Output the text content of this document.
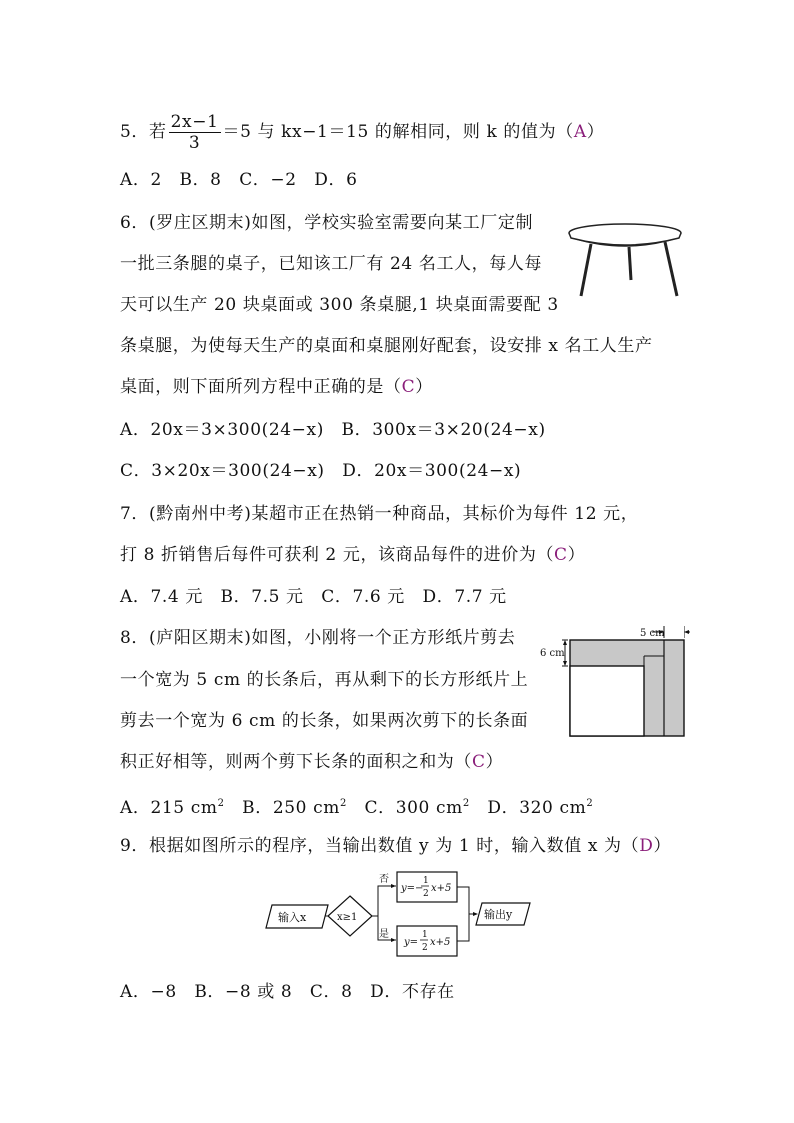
5．若 $\frac{2x-1}{3} =5$ 与 kx−1＝15 的解相同，则 k 的值为（A）
A．2　B．8　C．−2　D．6
6．(罗庄区期末)如图，学校实验室需要向某工厂定制
一批三条腿的桌子，已知该工厂有 24 名工人，每人每
天可以生产 20 块桌面或 300 条桌腿,1 块桌面需要配 3
条桌腿，为使每天生产的桌面和桌腿刚好配套，设安排 x 名工人生产
桌面，则下面所列方程中正确的是（C）
A．20x＝3×300(24−x)　B．300x＝3×20(24−x)
C．3×20x＝300(24−x)　D．20x＝300(24−x)
7．(黔南州中考)某超市正在热销一种商品，其标价为每件 12 元，
打 8 折销售后每件可获利 2 元，该商品每件的进价为（C）
A．7.4 元　B．7.5 元　C．7.6 元　D．7.7 元
8．(庐阳区期末)如图，小刚将一个正方形纸片剪去
一个宽为 5 cm 的长条后，再从剩下的长方形纸片上
剪去一个宽为 6 cm 的长条，如果两次剪下的长条面
积正好相等，则两个剪下长条的面积之和为（C）
A．215 $cm^2$　B．250 $cm^2$　C．300 $cm^2$　D．320 $cm^2$
5 cm
6 cm
9．根据如图所示的程序，当输出数值 y 为 1 时，输入数值 x 为（D）
输入x	x≥1
否
是
y=−
1
2 x+5
y=
1
2 x+5
输出y
A．−8　B．−8 或 8　C．8　D．不存在
